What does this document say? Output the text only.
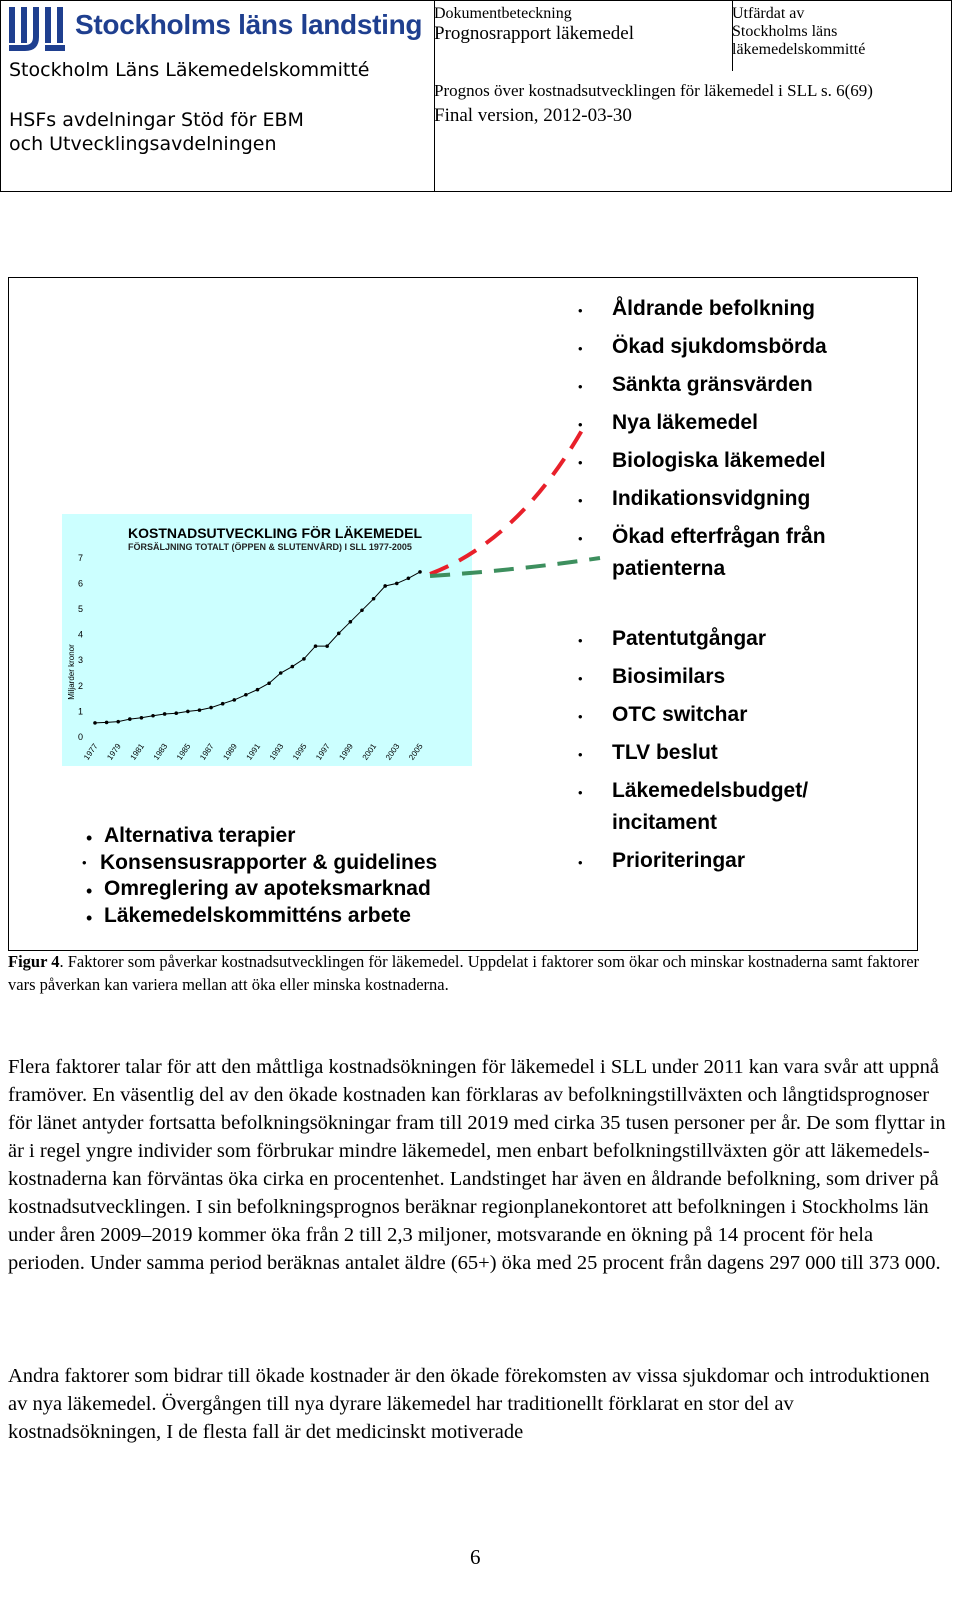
Stockholms läns landsting
Stockholm Läns Läkemedelskommitté
HSFs avdelningar Stöd för EBM
och Utvecklingsavdelningen
Dokumentbeteckning
Prognosrapport läkemedel
Utfärdat av
Stockholms läns
läkemedelskommitté
Prognos över kostnadsutvecklingen för läkemedel i SLL s. 6(69)
Final version, 2012-03-30
KOSTNADSUTVECKLING FÖR LÄKEMEDEL
FÖRSÄLJNING TOTALT (ÖPPEN & SLUTENVÅRD) I SLL 1977-2005
Miljarder kronor
0
1
2
3
4
5
6
7
1977 1979 1981 1983 1985 1987 1989 1991 1993 1995 1997 1999 2001 2003 2005
• Åldrande befolkning
• Ökad sjukdomsbörda
• Sänkta gränsvärden
• Nya läkemedel
• Biologiska läkemedel
• Indikationsvidgning
• Ökad efterfrågan från
patienterna
• Patentutgångar
• Biosimilars
• OTC switchar
• TLV beslut
• Läkemedelsbudget/
incitament
• Prioriteringar
Alternativa terapier
•
Konsensusrapporter & guidelines
•
Omreglering av apoteksmarknad
•
Läkemedelskommitténs arbete
•
Figur 4. Faktorer som påverkar kostnadsutvecklingen för läkemedel. Uppdelat i faktorer som ökar och minskar kostnaderna samt faktorer vars påverkan kan variera mellan att öka eller minska kostnaderna.
Flera faktorer talar för att den måttliga kostnadsökningen för läkemedel i SLL under 2011 kan vara svår att uppnå framöver. En väsentlig del av den ökade kostnaden kan förklaras av befolkningstillväxten och långtidsprognoser för länet antyder fortsatta befolkningsökningar fram till 2019 med cirka 35 tusen personer per år. De som flyttar in är i regel yngre individer som förbrukar mindre läkemedel, men enbart befolkningstillväxten gör att läkemedels-kostnaderna kan förväntas öka cirka en procentenhet. Landstinget har även en åldrande befolkning, som driver på kostnadsutvecklingen. I sin befolkningsprognos beräknar regionplanekontoret att befolkningen i Stockholms län under åren 2009–2019 kommer öka från 2 till 2,3 miljoner, motsvarande en ökning på 14 procent för hela perioden. Under samma period beräknas antalet äldre (65+) öka med 25 procent från dagens 297 000 till 373 000.
Andra faktorer som bidrar till ökade kostnader är den ökade förekomsten av vissa sjukdomar och introduktionen av nya läkemedel. Övergången till nya dyrare läkemedel har traditionellt förklarat en stor del av kostnadsökningen, I de flesta fall är det medicinskt motiverade
6
